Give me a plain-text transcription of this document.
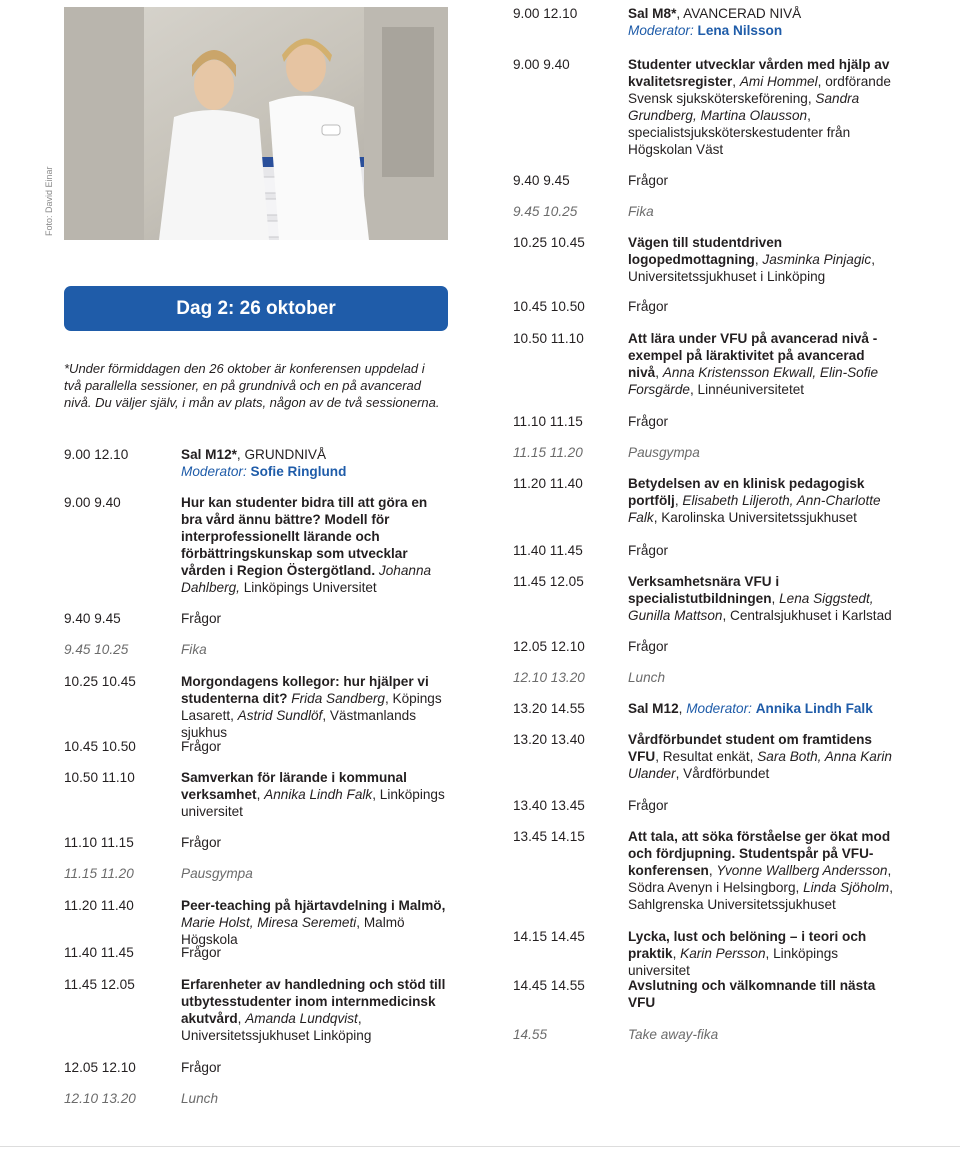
Foto: David Einar
Dag 2: 26 oktober
*Under förmiddagen den 26 oktober är konferensen uppdelad i två parallella sessioner, en på grundnivå och en på avancerad nivå. Du väljer själv, i mån av plats, någon av de två sessionerna.
9.00 12.10	Sal M12*, GRUNDNIVÅ
Moderator: Sofie Ringlund
9.00 9.40	Hur kan studenter bidra till att göra en bra vård ännu bättre? Modell för interprofessionellt lärande och förbättringskunskap som utvecklar vården i Region Östergötland. Johanna Dahlberg, Linköpings Universitet
9.40 9.45	Frågor
9.45 10.25	Fika
10.25 10.45	Morgondagens kollegor: hur hjälper vi studenterna dit? Frida Sandberg, Köpings Lasarett, Astrid Sundlöf, Västmanlands sjukhus
10.45 10.50	Frågor
10.50 11.10	Samverkan för lärande i kommunal verksamhet, Annika Lindh Falk, Linköpings universitet
11.10 11.15	Frågor
11.15 11.20	Pausgympa
11.20 11.40	Peer-teaching på hjärtavdelning i Malmö, Marie Holst, Miresa Seremeti, Malmö Högskola
11.40 11.45	Frågor
11.45 12.05	Erfarenheter av handledning och stöd till utbytesstudenter inom internmedicinsk akutvård, Amanda Lundqvist, Universitetssjukhuset Linköping
12.05 12.10	Frågor
12.10 13.20	Lunch
9.00 12.10	Sal M8*, AVANCERAD NIVÅ
Moderator: Lena Nilsson
9.00 9.40	Studenter utvecklar vården med hjälp av kvalitetsregister, Ami Hommel, ordförande Svensk sjuksköterskeförening, Sandra Grundberg, Martina Olausson, specialistsjuksköterskestudenter från Högskolan Väst
9.40 9.45	Frågor
9.45 10.25	Fika
10.25 10.45	Vägen till studentdriven logopedmottagning, Jasminka Pinjagic, Universitetssjukhuset i Linköping
10.45 10.50	Frågor
10.50 11.10	Att lära under VFU på avancerad nivå - exempel på läraktivitet på avancerad nivå, Anna Kristensson Ekwall, Elin-Sofie Forsgärde, Linnéuniversitetet
11.10 11.15	Frågor
11.15 11.20	Pausgympa
11.20 11.40	Betydelsen av en klinisk pedagogisk portfölj, Elisabeth Liljeroth, Ann-Charlotte Falk, Karolinska Universitetssjukhuset
11.40 11.45	Frågor
11.45 12.05	Verksamhetsnära VFU i specialistutbildningen, Lena Siggstedt, Gunilla Mattson, Centralsjukhuset i Karlstad
12.05 12.10	Frågor
12.10 13.20	Lunch
13.20 14.55	Sal M12, Moderator: Annika Lindh Falk
13.20 13.40	Vårdförbundet student om framtidens VFU, Resultat enkät, Sara Both, Anna Karin Ulander, Vårdförbundet
13.40 13.45	Frågor
13.45 14.15	Att tala, att söka förståelse ger ökat mod och fördjupning. Studentspår på VFU-konferensen, Yvonne Wallberg Andersson, Södra Avenyn i Helsingborg, Linda Sjöholm, Sahlgrenska Universitetssjukhuset
14.15 14.45	Lycka, lust och belöning – i teori och praktik, Karin Persson, Linköpings universitet
14.45 14.55	Avslutning och välkomnande till nästa VFU
14.55	Take away-fika
